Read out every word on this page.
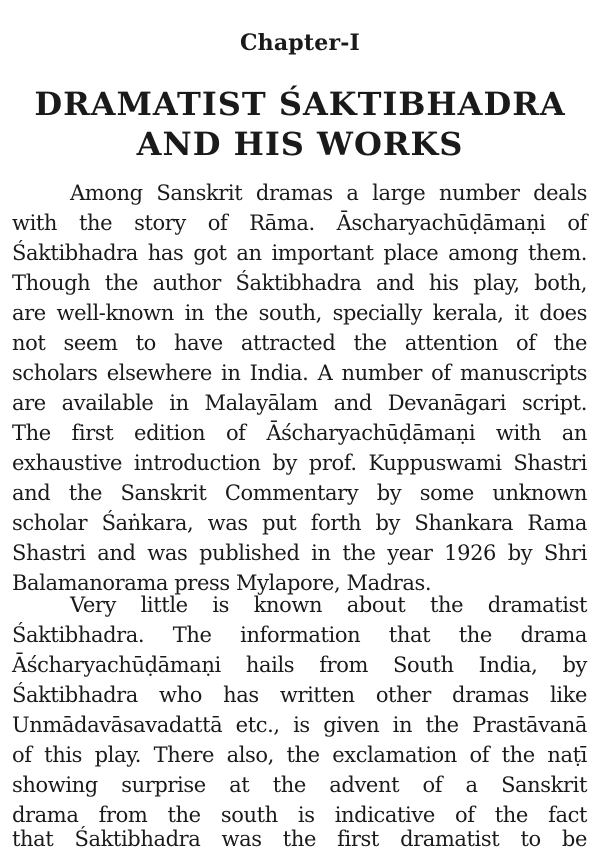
Chapter-I
DRAMATIST ŚAKTIBHADRA
AND HIS WORKS
Among Sanskrit dramas a large number deals
with the story of Rāma. Āscharyachūḍāmaṇi of
Śaktibhadra has got an important place among them.
Though the author Śaktibhadra and his play, both,
are well-known in the south, specially kerala, it does
not seem to have attracted the attention of the
scholars elsewhere in India. A number of manuscripts
are available in Malayālam and Devanāgari script.
The first edition of Āścharyachūḍāmaṇi with an
exhaustive introduction by prof. Kuppuswami Shastri
and the Sanskrit Commentary by some unknown
scholar Śaṅkara, was put forth by Shankara Rama
Shastri and was published in the year 1926 by Shri
Balamanorama press Mylapore, Madras.
Very little is known about the dramatist
Śaktibhadra. The information that the drama
Āścharyachūḍāmaṇi hails from South India, by
Śaktibhadra who has written other dramas like
Unmādavāsavadattā etc., is given in the Prastāvanā
of this play. There also, the exclamation of the naṭī
showing surprise at the advent of a Sanskrit
drama from the south is indicative of the fact
that Śaktibhadra was the first dramatist to be
